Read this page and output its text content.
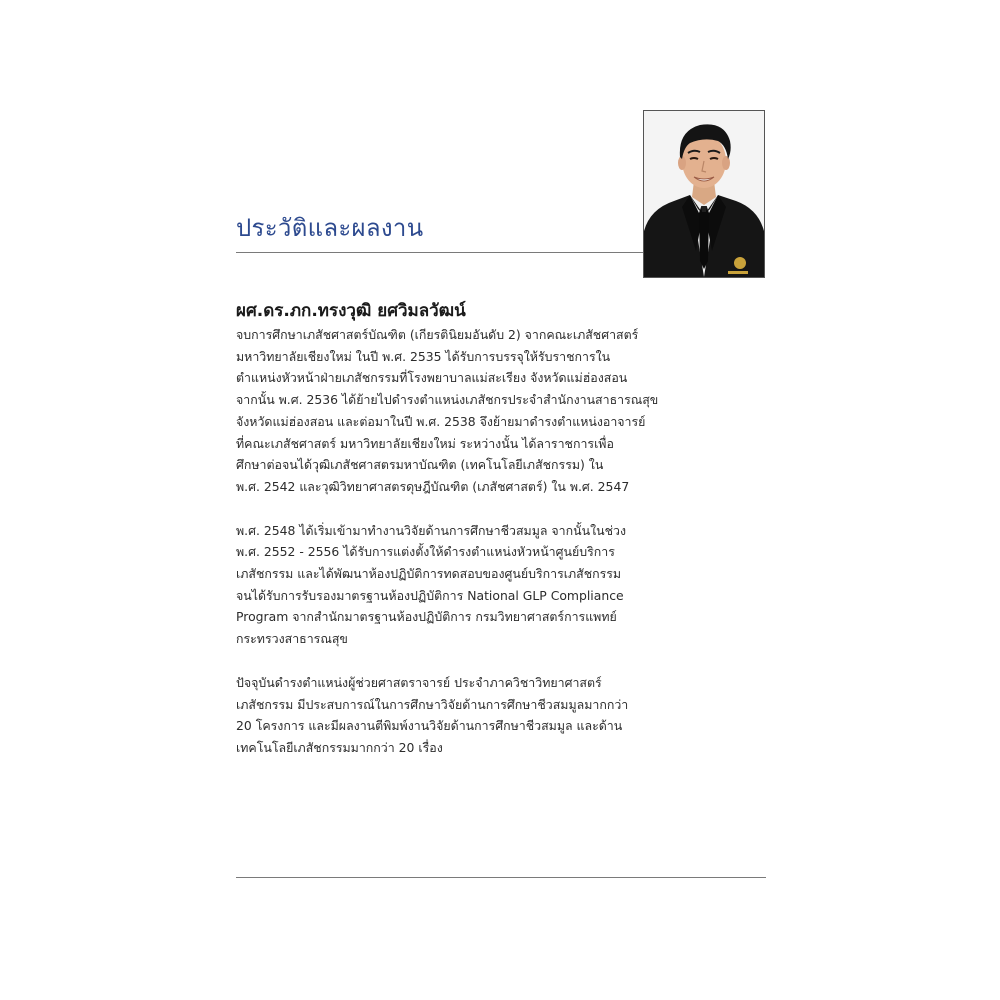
ประวัติและผลงาน
ผศ.ดร.ภก.ทรงวุฒิ ยศวิมลวัฒน์

จบการศึกษาเภสัชศาสตร์บัณฑิต (เกียรตินิยมอันดับ 2) จากคณะเภสัชศาสตร์
มหาวิทยาลัยเชียงใหม่ ในปี พ.ศ. 2535 ได้รับการบรรจุให้รับราชการใน
ตำแหน่งหัวหน้าฝ่ายเภสัชกรรมที่โรงพยาบาลแม่สะเรียง จังหวัดแม่ฮ่องสอน
จากนั้น พ.ศ. 2536 ได้ย้ายไปดำรงตำแหน่งเภสัชกรประจำสำนักงานสาธารณสุข
จังหวัดแม่ฮ่องสอน และต่อมาในปี พ.ศ. 2538 จึงย้ายมาดำรงตำแหน่งอาจารย์
ที่คณะเภสัชศาสตร์ มหาวิทยาลัยเชียงใหม่ ระหว่างนั้น ได้ลาราชการเพื่อ
ศึกษาต่อจนได้วุฒิเภสัชศาสตรมหาบัณฑิต (เทคโนโลยีเภสัชกรรม) ใน
พ.ศ. 2542 และวุฒิวิทยาศาสตรดุษฎีบัณฑิต (เภสัชศาสตร์) ใน พ.ศ. 2547

พ.ศ. 2548 ได้เริ่มเข้ามาทำงานวิจัยด้านการศึกษาชีวสมมูล จากนั้นในช่วง
พ.ศ. 2552 - 2556 ได้รับการแต่งตั้งให้ดำรงตำแหน่งหัวหน้าศูนย์บริการ
เภสัชกรรม และได้พัฒนาห้องปฏิบัติการทดสอบของศูนย์บริการเภสัชกรรม
จนได้รับการรับรองมาตรฐานห้องปฏิบัติการ National GLP Compliance
Program จากสำนักมาตรฐานห้องปฏิบัติการ กรมวิทยาศาสตร์การแพทย์
กระทรวงสาธารณสุข

ปัจจุบันดำรงตำแหน่งผู้ช่วยศาสตราจารย์ ประจำภาควิชาวิทยาศาสตร์
เภสัชกรรม มีประสบการณ์ในการศึกษาวิจัยด้านการศึกษาชีวสมมูลมากกว่า
20 โครงการ และมีผลงานตีพิมพ์งานวิจัยด้านการศึกษาชีวสมมูล และด้าน
เทคโนโลยีเภสัชกรรมมากกว่า 20 เรื่อง
